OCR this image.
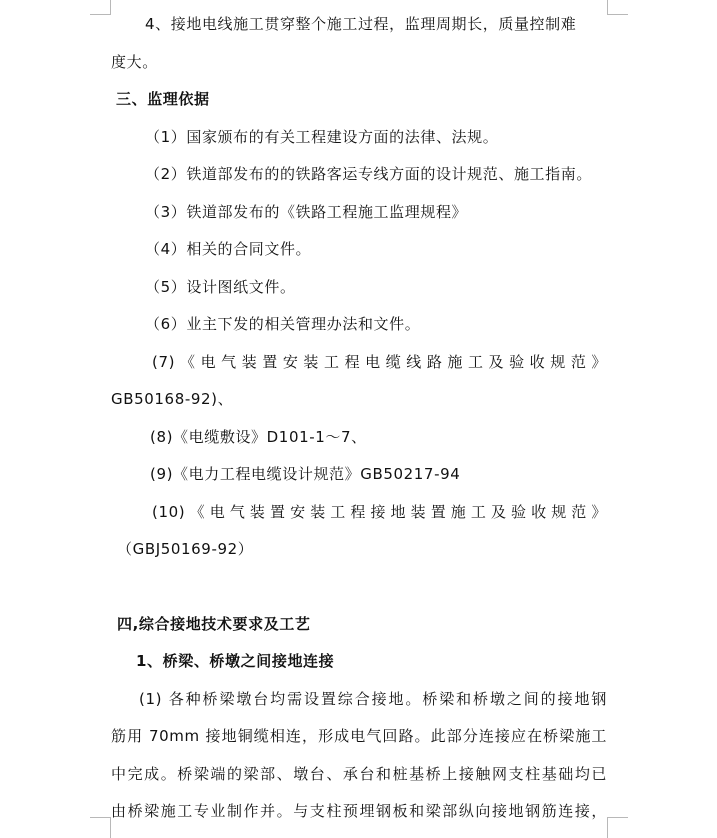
4、接地电线施工贯穿整个施工过程，监理周期长，质量控制难
度大。
三、监理依据
（1）国家颁布的有关工程建设方面的法律、法规。
（2）铁道部发布的的铁路客运专线方面的设计规范、施工指南。
（3）铁道部发布的《铁路工程施工监理规程》
（4）相关的合同文件。
（5）设计图纸文件。
（6）业主下发的相关管理办法和文件。
(7)《电气装置安装工程电缆线路施工及验收规范》
GB50168-92)、
(8)《电缆敷设》D101-1～7、
(9)《电力工程电缆设计规范》GB50217-94
(10)《电气装置安装工程接地装置施工及验收规范》
（GBJ50169-92）
四,综合接地技术要求及工艺
1、桥梁、桥墩之间接地连接
(1) 各种桥梁墩台均需设置综合接地。桥梁和桥墩之间的接地钢
筋用 70mm 接地铜缆相连，形成电气回路。此部分连接应在桥梁施工
中完成。桥梁端的梁部、墩台、承台和桩基桥上接触网支柱基础均已
由桥梁施工专业制作并。与支柱预埋钢板和梁部纵向接地钢筋连接，
